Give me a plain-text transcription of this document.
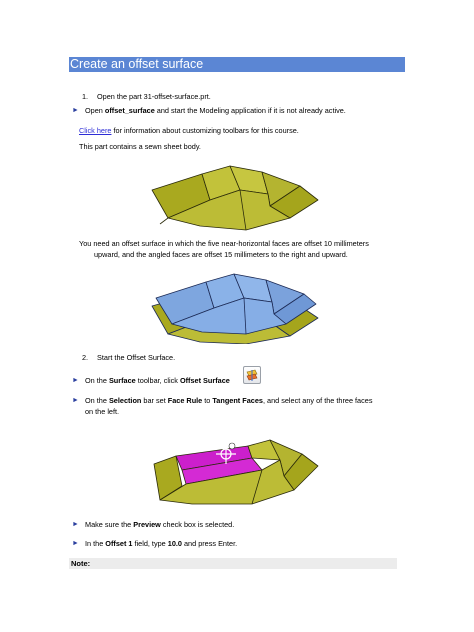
Create an offset surface
1. Open the part 31-offset-surface.prt.
► Open offset_surface and start the Modeling application if it is not already active.
Click here for information about customizing toolbars for this course.
This part contains a sewn sheet body.
You need an offset surface in which the five near-horizontal faces are offset 10 millimeters
upward, and the angled faces are offset 15 millimeters to the right and upward.
2. Start the Offset Surface.
► On the Surface toolbar, click Offset Surface
► On the Selection bar set Face Rule to Tangent Faces, and select any of the three faces
on the left.
► Make sure the Preview check box is selected.
► In the Offset 1 field, type 10.0 and press Enter.
Note:
